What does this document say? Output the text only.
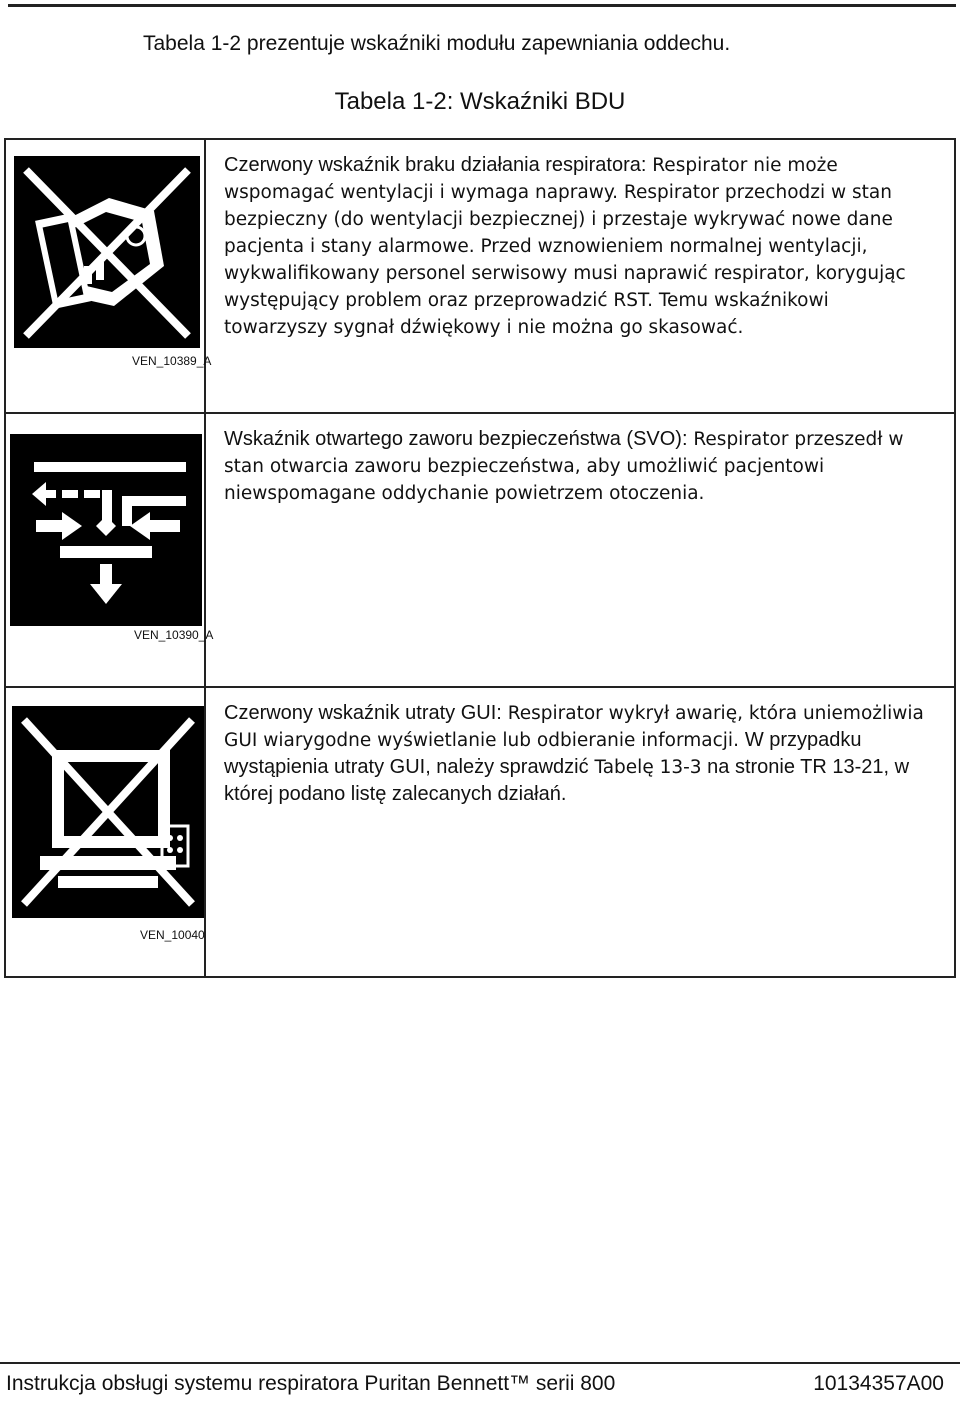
Tabela 1-2 prezentuje wskaźniki modułu zapewniania oddechu.
Tabela 1-2: Wskaźniki BDU
VEN_10389_A	Czerwony wskaźnik braku działania respiratora: Respirator nie może wspomagać wentylacji i wymaga naprawy. Respirator przechodzi w stan bezpieczny (do wentylacji bezpiecznej) i przestaje wykrywać nowe dane pacjenta i stany alarmowe. Przed wznowieniem normalnej wentylacji, wykwalifikowany personel serwisowy musi naprawić respirator, korygując występujący problem oraz przeprowadzić RST. Temu wskaźnikowi towarzyszy sygnał dźwiękowy i nie można go skasować.

VEN_10390_A	Wskaźnik otwartego zaworu bezpieczeństwa (SVO): Respirator przeszedł w stan otwarcia zaworu bezpieczeństwa, aby umożliwić pacjentowi niewspomagane oddychanie powietrzem otoczenia.

VEN_10040	Czerwony wskaźnik utraty GUI: Respirator wykrył awarię, która uniemożliwia GUI wiarygodne wyświetlanie lub odbieranie informacji. W przypadku wystąpienia utraty GUI, należy sprawdzić Tabelę 13-3 na stronie TR 13-21, w której podano listę zalecanych działań.
Instrukcja obsługi systemu respiratora Puritan Bennett™ serii 800	10134357A00
